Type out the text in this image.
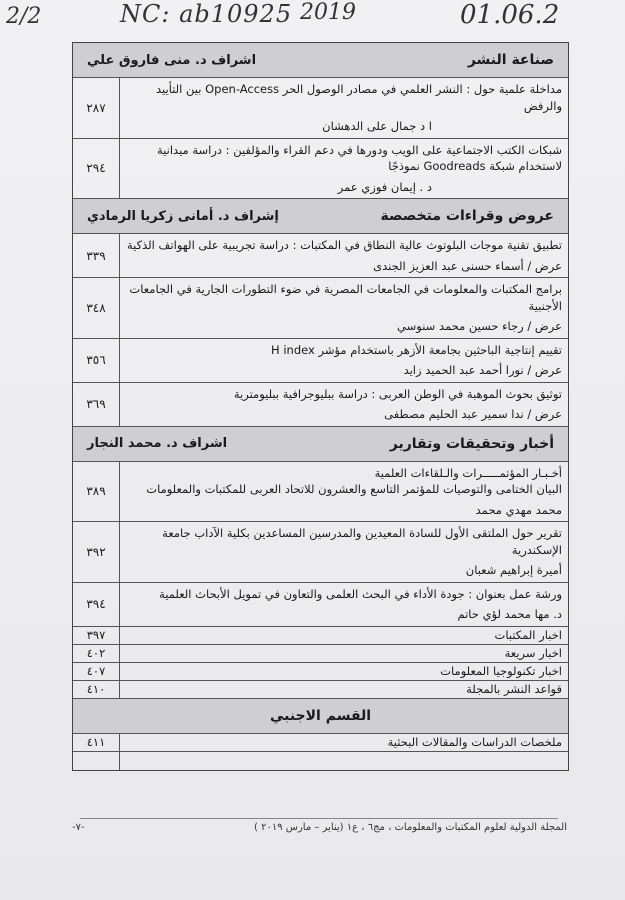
2/2	NC: ab10925 2019	01.06.2
صناعة النشر
اشراف د. منى فاروق علي
مداخلة علمية حول : النشر العلمي في مصادر الوصول الحر Open-Access بين التأييد والرفض
ا د جمال على الدهشان
٢٨٧
شبكات الكتب الاجتماعية على الويب ودورها في دعم القراء والمؤلفين : دراسة ميدانية لاستخدام شبكة Goodreads نموذجًا
د . إيمان فوزي عمر
٢٩٤
عروض وقراءات متخصصة
إشراف د. أمانى زكريا الرمادي
تطبيق تقنية موجات البلوتوث عالية النطاق في المكتبات : دراسة تجريبية على الهواتف الذكية
عرض / أسماء حسنى عبد العزيز الجندى
٣٣٩
برامج المكتبات والمعلومات في الجامعات المصرية في ضوء التطورات الجارية في الجامعات الأجنبية
عرض / رجاء حسين محمد سنوسي
٣٤٨
تقييم إنتاجية الباحثين بجامعة الأزهر باستخدام مؤشر H index
عرض / نورا أحمد عبد الحميد زايد
٣٥٦
توثيق بحوث الموهبة في الوطن العربى : دراسة ببليوجرافية ببليومترية
عرض / ندا سمير عبد الحليم مصطفى
٣٦٩
أخبار وتحقيقات وتقارير
اشراف د. محمد النجار
أخـبـار المؤتمـــــرات والـلقاءات العلمية
البيان الختامى والتوصيات للمؤتمر التاسع والعشرون للاتحاد العربى للمكتبات والمعلومات
محمد مهدي محمد
٣٨٩
تقرير حول الملتقى الأول للسادة المعيدين والمدرسين المساعدين بكلية الآداب جامعة الإسكندرية
أميرة إبراهيم شعبان
٣٩٢
ورشة عمل بعنوان : جودة الأداء في البحث العلمى والتعاون في تمويل الأبحاث العلمية
د. مها محمد لؤي حاتم
٣٩٤
اخبار المكتبات
٣٩٧
اخبار سريعة
٤٠٢
اخبار تكنولوجيا المعلومات
٤٠٧
قواعد النشر بالمجلة
٤١٠
القسم الاجنبي
ملخصات الدراسات والمقالات البحثية
٤١١
المجلة الدولية لعلوم المكتبات والمعلومات ، مج٦ ، ع١ (يناير – مارس ٢٠١٩ )
-٧-
